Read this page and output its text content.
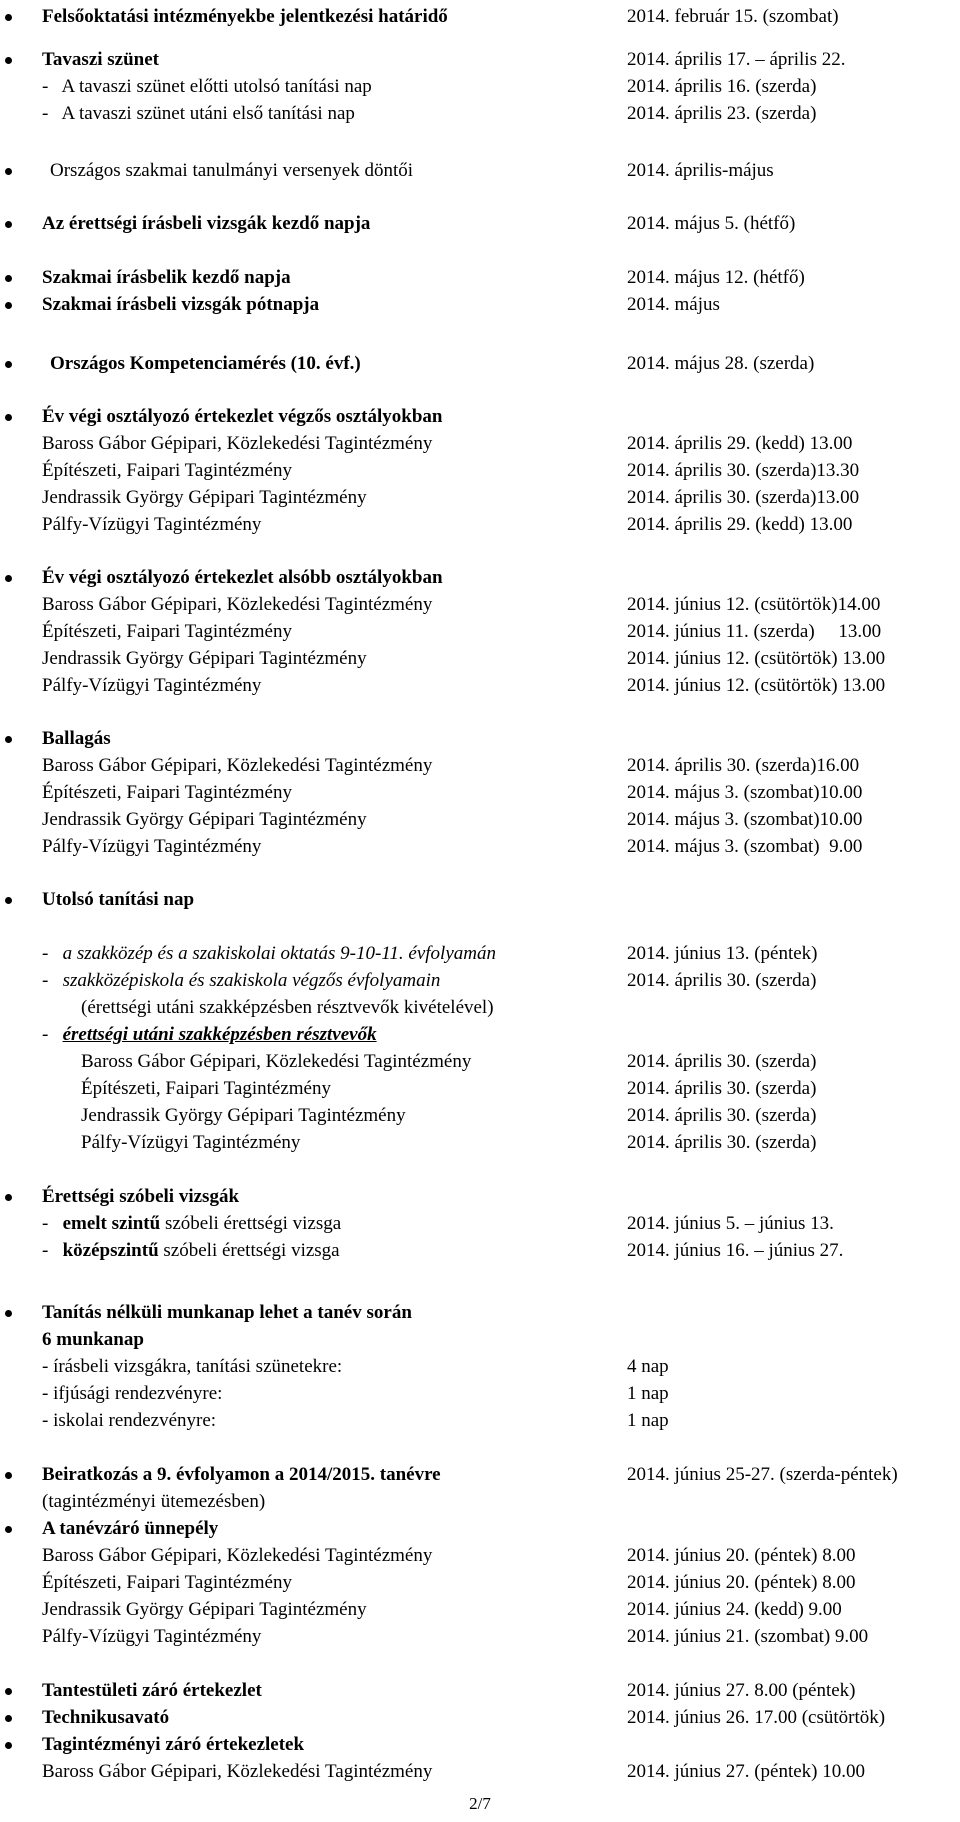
Felsőoktatási intézményekbe jelentkezési határidő	2014. február 15. (szombat)
Tavaszi szünet	2014. április 17. – április 22.
-   A tavaszi szünet előtti utolsó tanítási nap	2014. április 16. (szerda)
-   A tavaszi szünet utáni első tanítási nap	2014. április 23. (szerda)
Országos szakmai tanulmányi versenyek döntői	2014. április-május
Az érettségi írásbeli vizsgák kezdő napja	2014. május 5. (hétfő)
Szakmai írásbelik kezdő napja	2014. május 12. (hétfő)
Szakmai írásbeli vizsgák pótnapja	2014. május
Országos Kompetenciamérés (10. évf.)	2014. május 28. (szerda)
Év végi osztályozó értekezlet végzős osztályokban
Baross Gábor Gépipari, Közlekedési Tagintézmény	2014. április 29. (kedd) 13.00
Építészeti, Faipari Tagintézmény	2014. április 30. (szerda)13.30
Jendrassik György Gépipari Tagintézmény	2014. április 30. (szerda)13.00
Pálfy-Vízügyi Tagintézmény	2014. április 29. (kedd) 13.00
Év végi osztályozó értekezlet alsóbb osztályokban
Baross Gábor Gépipari, Közlekedési Tagintézmény	2014. június 12. (csütörtök)14.00
Építészeti, Faipari Tagintézmény	2014. június 11. (szerda)     13.00
Jendrassik György Gépipari Tagintézmény	2014. június 12. (csütörtök) 13.00
Pálfy-Vízügyi Tagintézmény	2014. június 12. (csütörtök) 13.00
Ballagás
Baross Gábor Gépipari, Közlekedési Tagintézmény	2014. április 30. (szerda)16.00
Építészeti, Faipari Tagintézmény	2014. május 3. (szombat)10.00
Jendrassik György Gépipari Tagintézmény	2014. május 3. (szombat)10.00
Pálfy-Vízügyi Tagintézmény	2014. május 3. (szombat)  9.00
Utolsó tanítási nap
-   a szakközép és a szakiskolai oktatás 9-10-11. évfolyamán	2014. június 13. (péntek)
-   szakközépiskola és szakiskola végzős évfolyamain	2014. április 30. (szerda)
(érettségi utáni szakképzésben résztvevők kivételével)
-   érettségi utáni szakképzésben résztvevők
Baross Gábor Gépipari, Közlekedési Tagintézmény	2014. április 30. (szerda)
Építészeti, Faipari Tagintézmény	2014. április 30. (szerda)
Jendrassik György Gépipari Tagintézmény	2014. április 30. (szerda)
Pálfy-Vízügyi Tagintézmény	2014. április 30. (szerda)
Érettségi szóbeli vizsgák
-   emelt szintű szóbeli érettségi vizsga	2014. június 5. – június 13.
-   középszintű szóbeli érettségi vizsga	2014. június 16. – június 27.
Tanítás nélküli munkanap lehet a tanév során
6 munkanap
- írásbeli vizsgákra, tanítási szünetekre:	4 nap
- ifjúsági rendezvényre:	1 nap
- iskolai rendezvényre:	1 nap
Beiratkozás a 9. évfolyamon a 2014/2015. tanévre	2014. június 25-27. (szerda-péntek)
(tagintézményi ütemezésben)
A tanévzáró ünnepély
Baross Gábor Gépipari, Közlekedési Tagintézmény	2014. június 20. (péntek) 8.00
Építészeti, Faipari Tagintézmény	2014. június 20. (péntek) 8.00
Jendrassik György Gépipari Tagintézmény	2014. június 24. (kedd) 9.00
Pálfy-Vízügyi Tagintézmény	2014. június 21. (szombat) 9.00
Tantestületi záró értekezlet	2014. június 27. 8.00 (péntek)
Technikusavató	2014. június 26. 17.00 (csütörtök)
Tagintézményi záró értekezletek
Baross Gábor Gépipari, Közlekedési Tagintézmény	2014. június 27. (péntek) 10.00
2/7
